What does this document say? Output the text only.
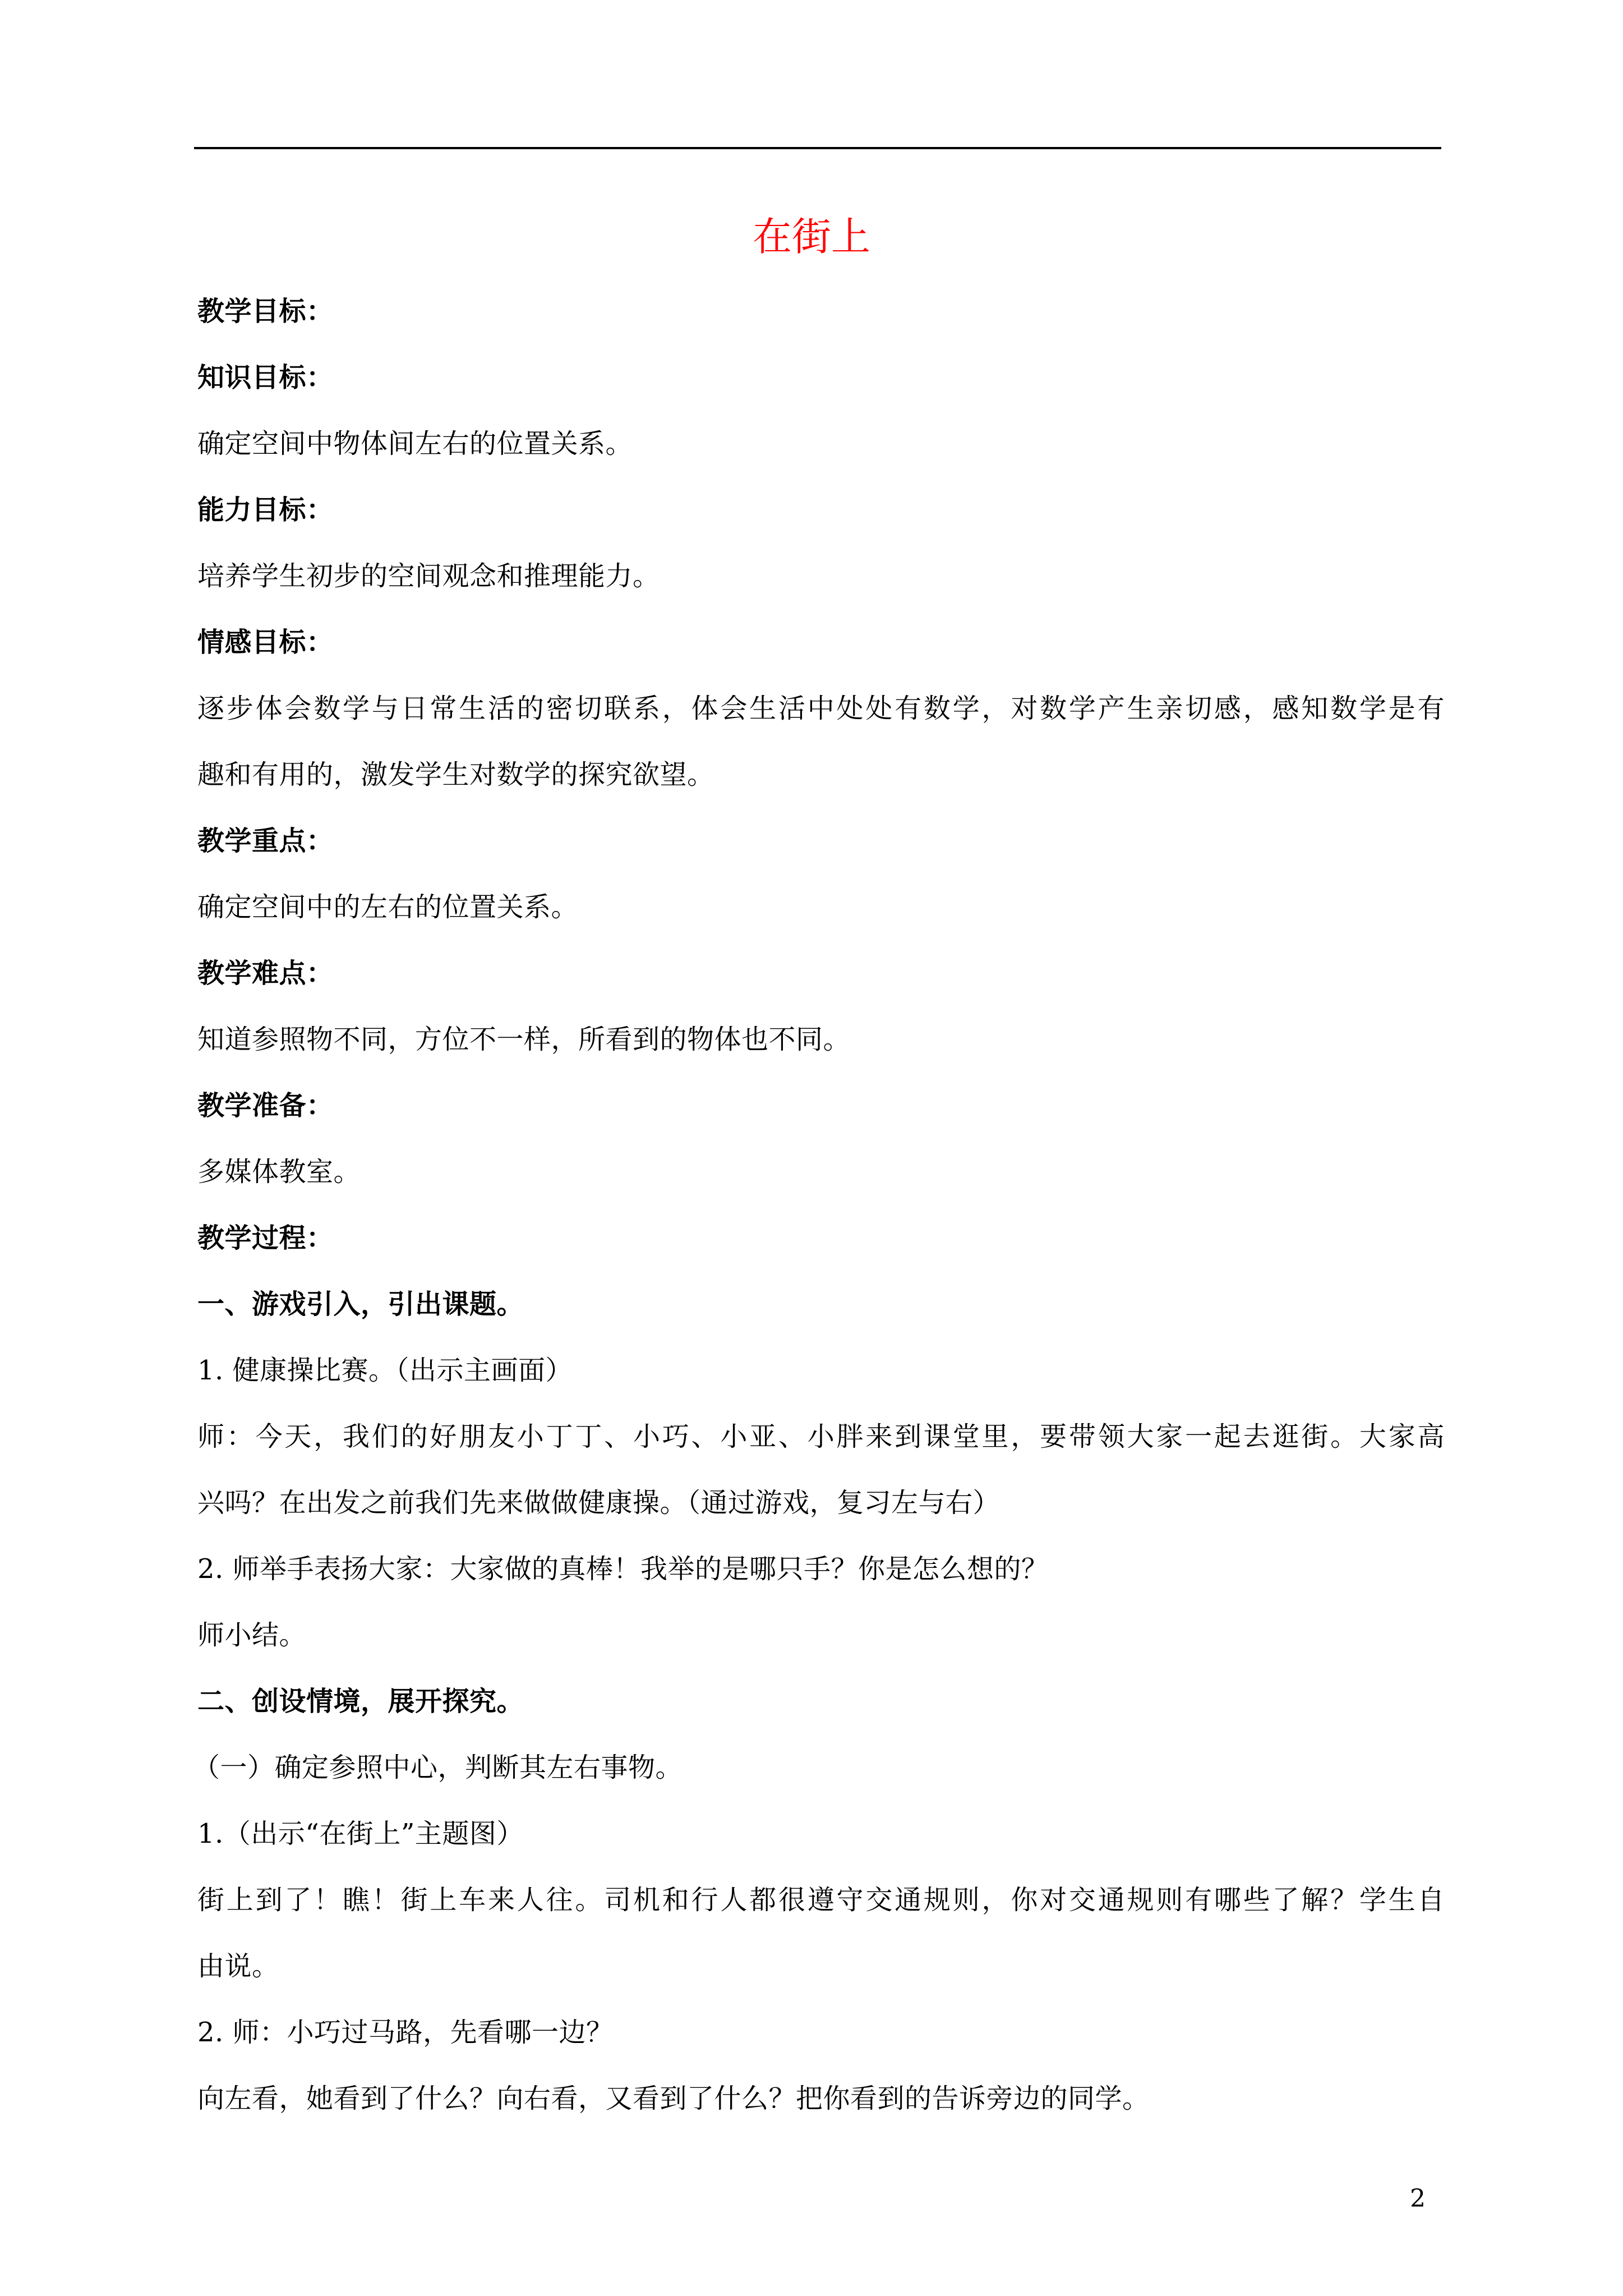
在街上

教学目标：

知识目标：

确定空间中物体间左右的位置关系。

能力目标：

培养学生初步的空间观念和推理能力。

情感目标：

逐步体会数学与日常生活的密切联系，体会生活中处处有数学，对数学产生亲切感，感知数学是有

趣和有用的，激发学生对数学的探究欲望。

教学重点：

确定空间中的左右的位置关系。

教学难点：

知道参照物不同，方位不一样，所看到的物体也不同。

教学准备：

多媒体教室。

教学过程：

一、游戏引入，引出课题。

1. 健康操比赛。（出示主画面）

师：今天，我们的好朋友小丁丁、小巧、小亚、小胖来到课堂里，要带领大家一起去逛街。大家高

兴吗？在出发之前我们先来做做健康操。（通过游戏，复习左与右）

2. 师举手表扬大家：大家做的真棒！我举的是哪只手？你是怎么想的？

师小结。

二、创设情境，展开探究。

（一）确定参照中心，判断其左右事物。

1.（出示“在街上”主题图）

街上到了！瞧！街上车来人往。司机和行人都很遵守交通规则，你对交通规则有哪些了解？学生自

由说。

2. 师：小巧过马路，先看哪一边？

向左看，她看到了什么？向右看，又看到了什么？把你看到的告诉旁边的同学。

2
